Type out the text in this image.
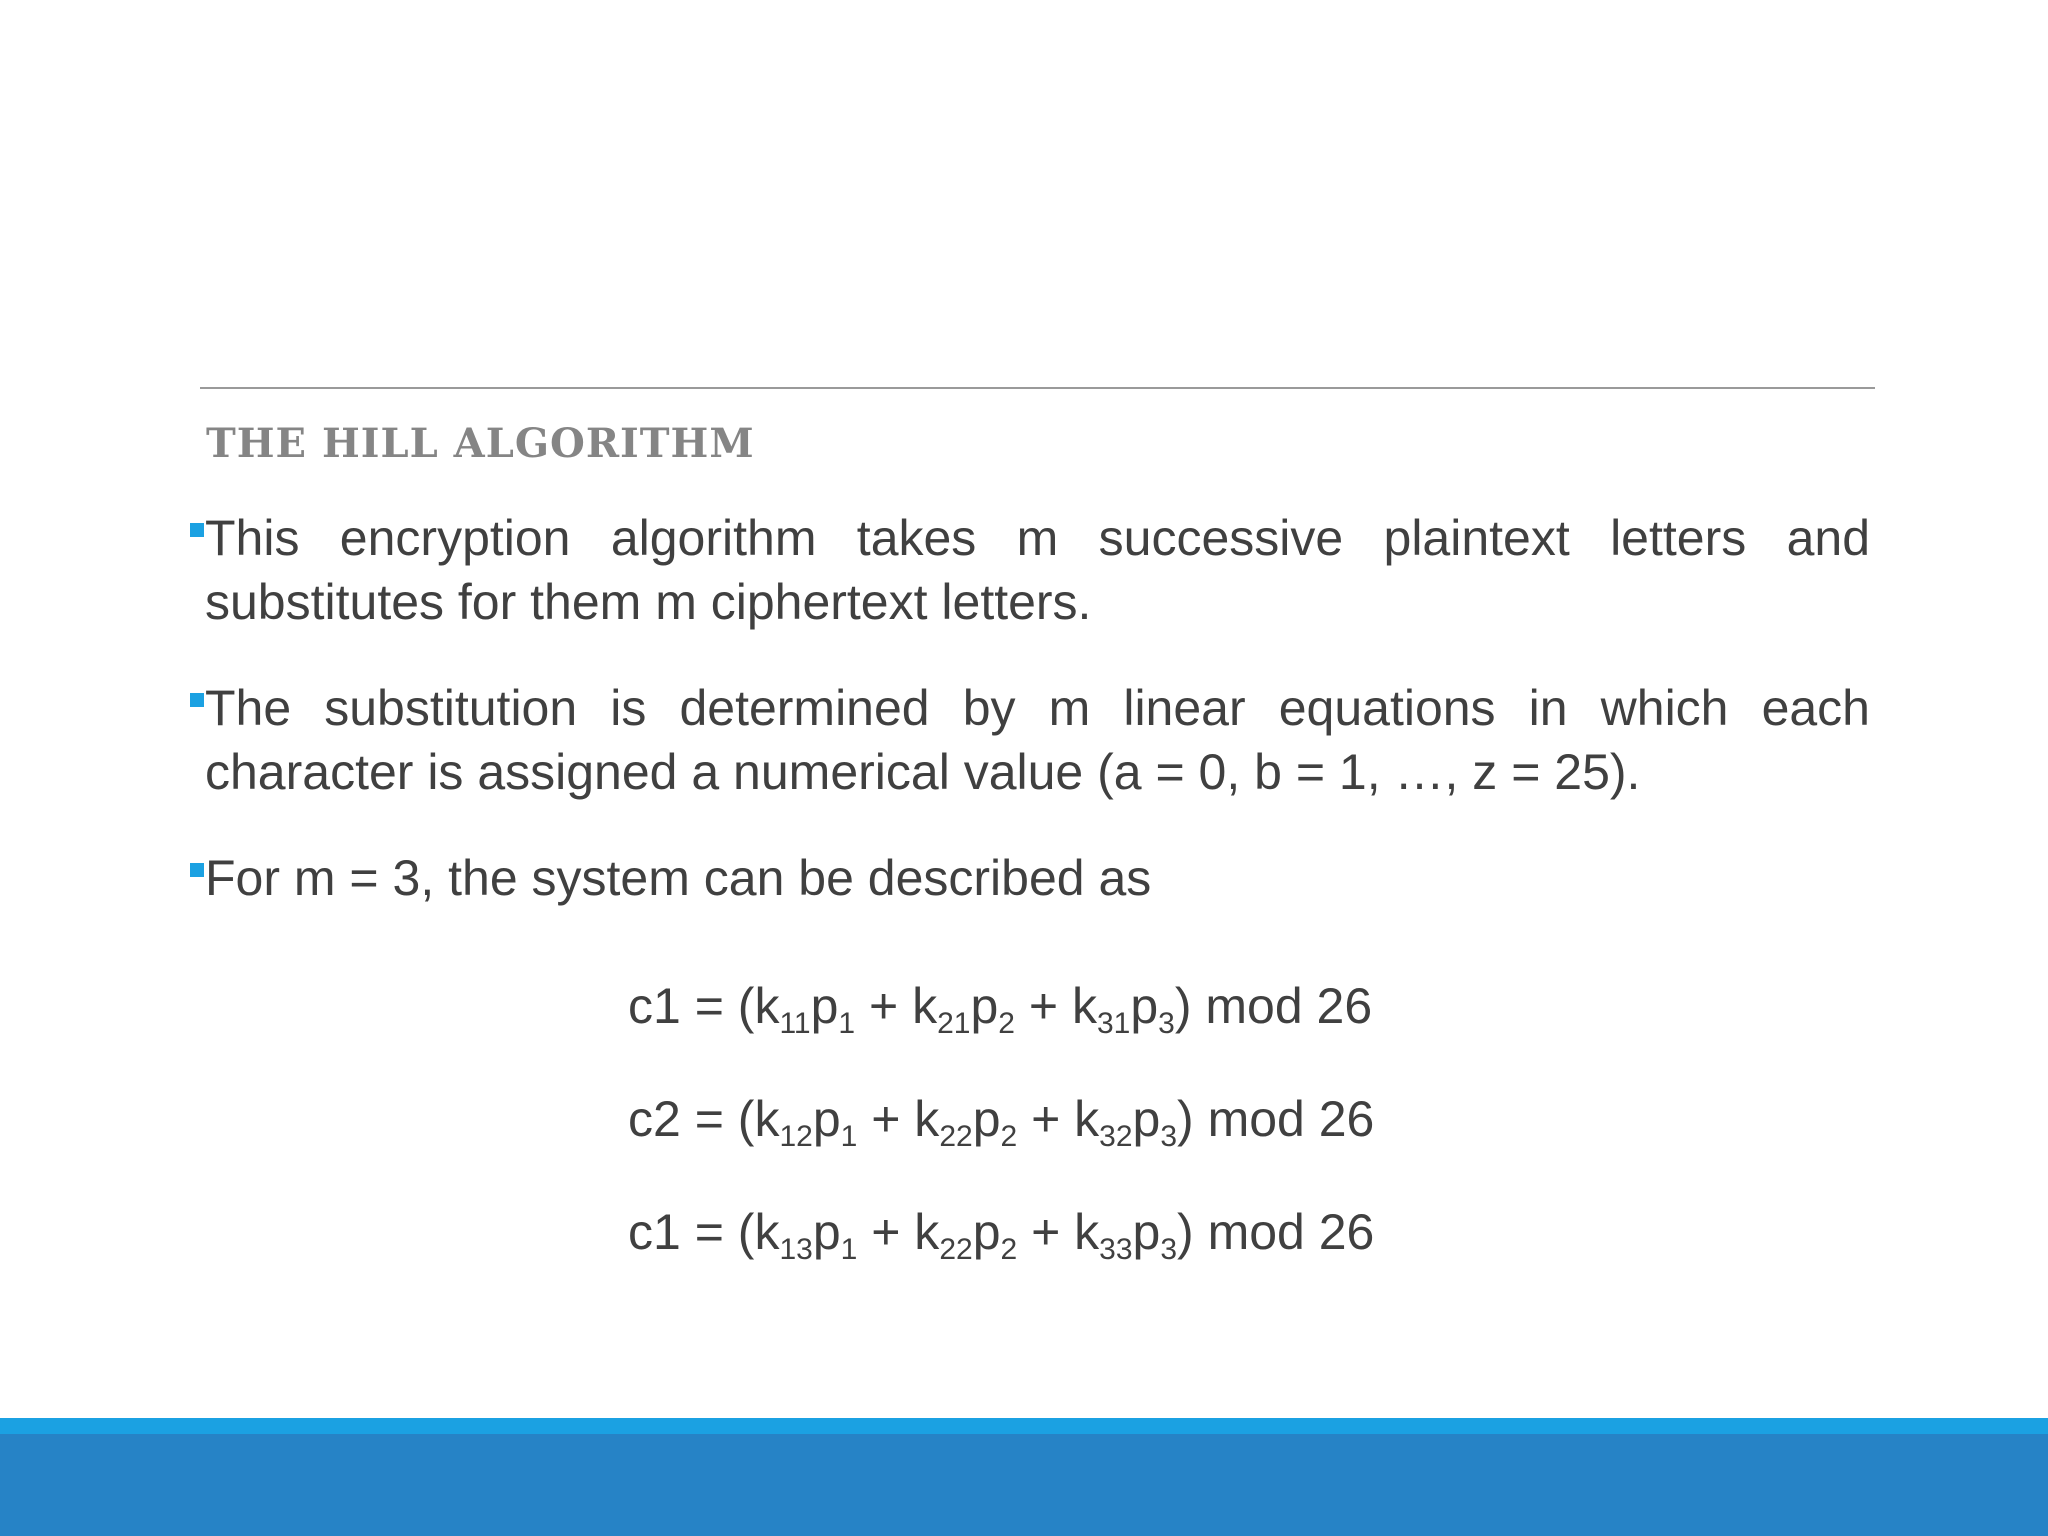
THE HILL ALGORITHM
This encryption algorithm takes m successive plaintext letters and substitutes for them m ciphertext letters.
The substitution is determined by m linear equations in which each character is assigned a numerical value (a = 0, b = 1, …, z = 25).
For m = 3, the system can be described as
$c1 = (k_{11}p_1 + k_{21}p_2 + k_{31}p_3)$ mod 26
$c2 = (k_{12}p_1 + k_{22}p_2 + k_{32}p_3)$ mod 26
$c1 = (k_{13}p_1 + k_{22}p_2 + k_{33}p_3)$ mod 26
